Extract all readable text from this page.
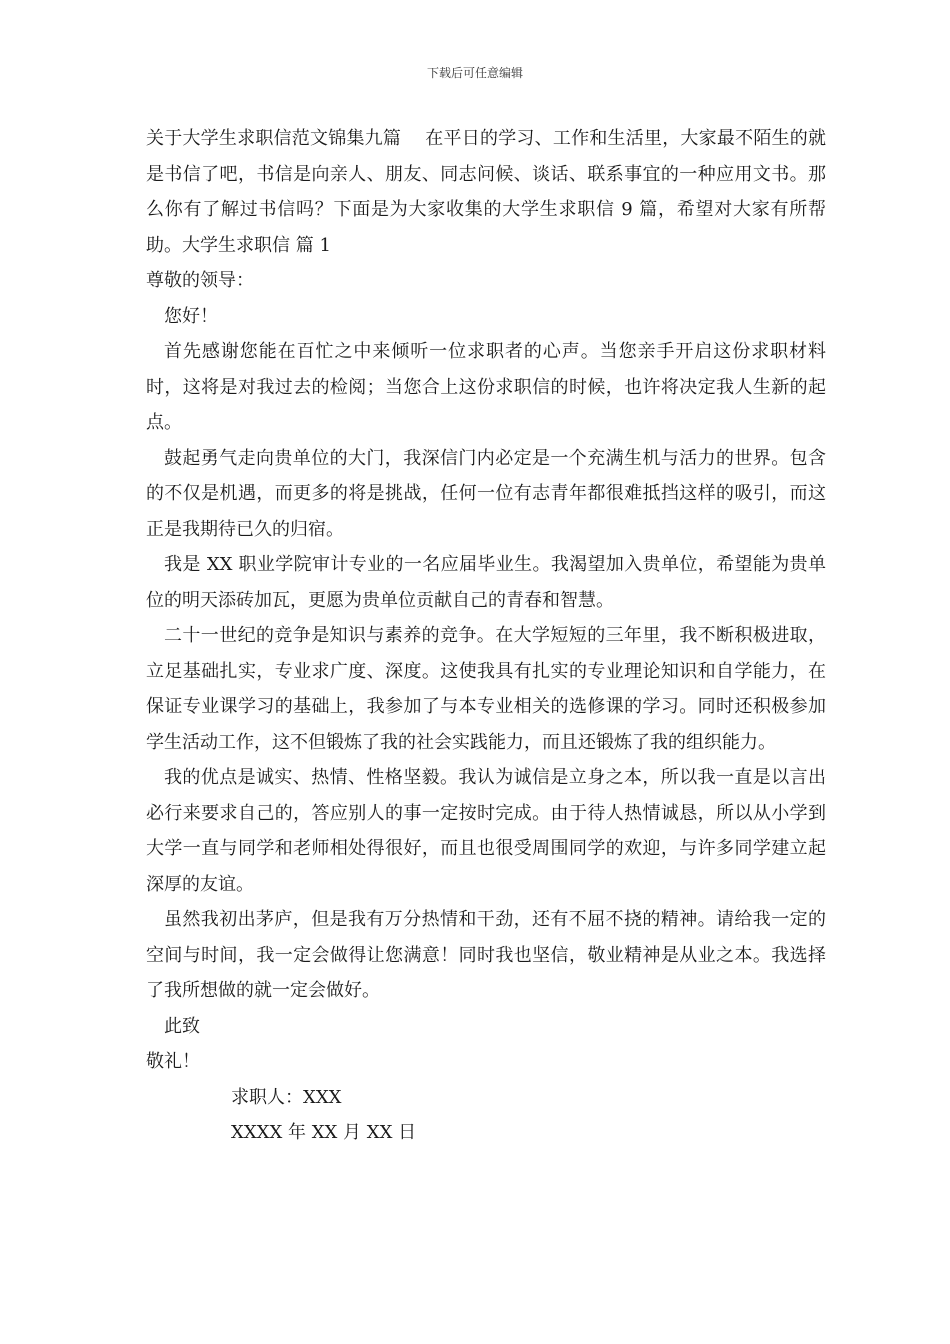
下载后可任意编辑

关于大学生求职信范文锦集九篇　 在平日的学习、工作和生活里，大家最不陌生的就是书信了吧，书信是向亲人、朋友、同志问候、谈话、联系事宜的一种应用文书。那么你有了解过书信吗？下面是为大家收集的大学生求职信 9 篇，希望对大家有所帮助。大学生求职信 篇 1

尊敬的领导：

您好！

首先感谢您能在百忙之中来倾听一位求职者的心声。当您亲手开启这份求职材料时，这将是对我过去的检阅；当您合上这份求职信的时候，也许将决定我人生新的起点。

鼓起勇气走向贵单位的大门，我深信门内必定是一个充满生机与活力的世界。包含的不仅是机遇，而更多的将是挑战，任何一位有志青年都很难抵挡这样的吸引，而这正是我期待已久的归宿。

我是 XX 职业学院审计专业的一名应届毕业生。我渴望加入贵单位，希望能为贵单位的明天添砖加瓦，更愿为贵单位贡献自己的青春和智慧。

二十一世纪的竞争是知识与素养的竞争。在大学短短的三年里，我不断积极进取，立足基础扎实，专业求广度、深度。这使我具有扎实的专业理论知识和自学能力，在保证专业课学习的基础上，我参加了与本专业相关的选修课的学习。同时还积极参加学生活动工作，这不但锻炼了我的社会实践能力，而且还锻炼了我的组织能力。

我的优点是诚实、热情、性格坚毅。我认为诚信是立身之本，所以我一直是以言出必行来要求自己的，答应别人的事一定按时完成。由于待人热情诚恳，所以从小学到大学一直与同学和老师相处得很好，而且也很受周围同学的欢迎，与许多同学建立起深厚的友谊。

虽然我初出茅庐，但是我有万分热情和干劲，还有不屈不挠的精神。请给我一定的空间与时间，我一定会做得让您满意！同时我也坚信，敬业精神是从业之本。我选择了我所想做的就一定会做好。

此致

敬礼！

求职人：XXX

XXXX 年 XX 月 XX 日
